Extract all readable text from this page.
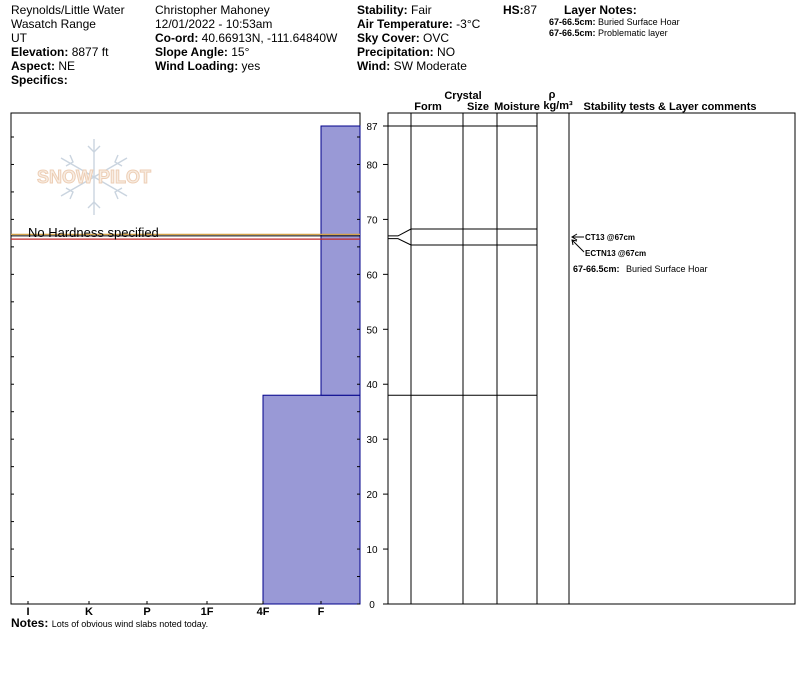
Reynolds/Little Water
Wasatch Range
UT
Elevation: 8877 ft
Aspect: NE
Specifics:
Christopher Mahoney
12/01/2022 - 10:53am
Co-ord: 40.66913N, -111.64840W
Slope Angle: 15°
Wind Loading: yes
Stability: Fair
Air Temperature: -3°C
Sky Cover: OVC
Precipitation: NO
Wind: SW Moderate
HS:87 Layer Notes:
67-66.5cm: Buried Surface Hoar
67-66.5cm: Problematic layer
No Hardness specified
I	K	P	1F	4F	F
SNOW PILOT
0
10
20
30
40
50
60
70
80
87
Crystal
Form Size Moisture
ρ
kg/m³ Stability tests & Layer comments
CT13 @67cm
ECTN13 @67cm
67-66.5cm: Buried Surface Hoar
Notes: Lots of obvious wind slabs noted today.
